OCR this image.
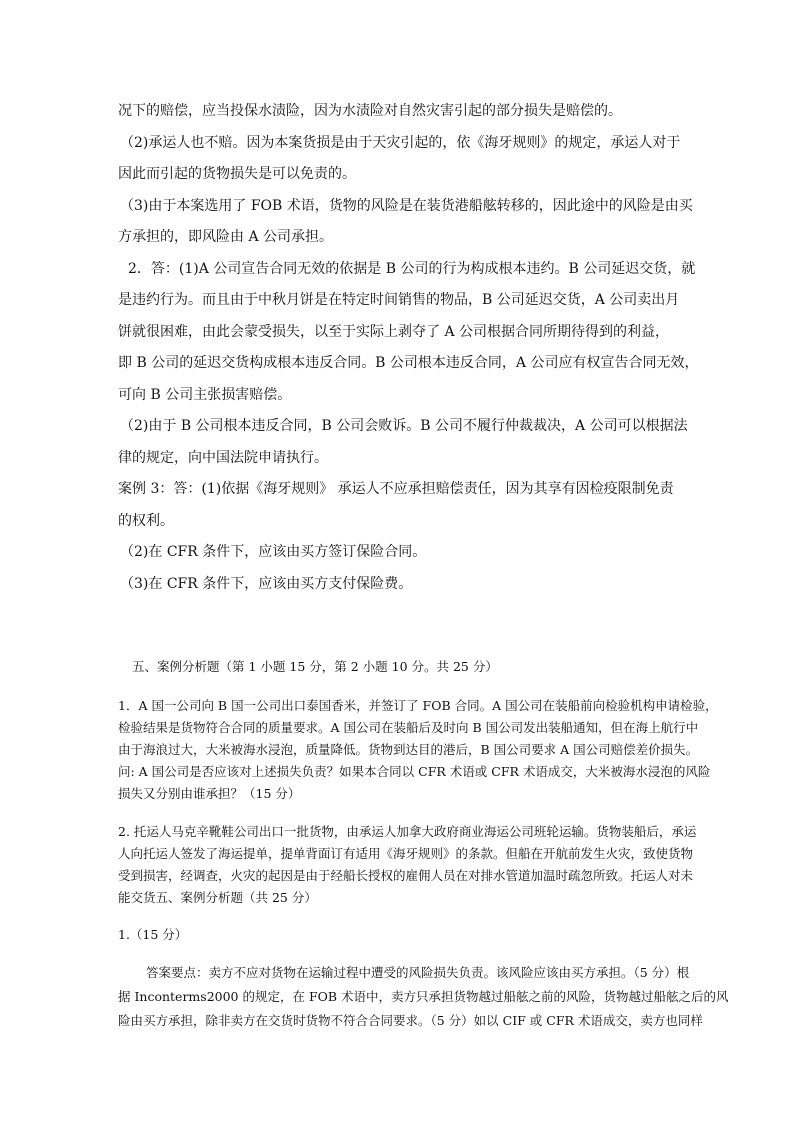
况下的赔偿，应当投保水渍险，因为水渍险对自然灾害引起的部分损失是赔偿的。
（2)承运人也不赔。因为本案货损是由于天灾引起的，依《海牙规则》的规定，承运人对于
因此而引起的货物损失是可以免责的。
（3)由于本案选用了 FOB 术语，货物的风险是在装货港船舷转移的，因此途中的风险是由买
方承担的，即风险由 A 公司承担。
2．答：(1)A 公司宣告合同无效的依据是 B 公司的行为构成根本违约。B 公司延迟交货，就
是违约行为。而且由于中秋月饼是在特定时间销售的物品，B 公司延迟交货，A 公司卖出月
饼就很困难，由此会蒙受损失，以至于实际上剥夺了 A 公司根据合同所期待得到的利益，
即 B 公司的延迟交货构成根本违反合同。B 公司根本违反合同，A 公司应有权宣告合同无效，
可向 B 公司主张损害赔偿。
（2)由于 B 公司根本违反合同，B 公司会败诉。B 公司不履行仲裁裁决，A 公司可以根据法
律的规定，向中国法院申请执行。
案例 3：答：(1)依据《海牙规则》 承运人不应承担赔偿责任，因为其享有因检疫限制免责
的权利。
（2)在 CFR 条件下，应该由买方签订保险合同。
（3)在 CFR 条件下，应该由买方支付保险费。
五、案例分析题（第 1 小题 15 分，第 2 小题 10 分。共 25 分）
1．A 国一公司向 B 国一公司出口泰国香米，并签订了 FOB 合同。A 国公司在装船前向检验机构申请检验，
检验结果是货物符合合同的质量要求。A 国公司在装船后及时向 B 国公司发出装船通知，但在海上航行中
由于海浪过大，大米被海水浸泡，质量降低。货物到达目的港后，B 国公司要求 A 国公司赔偿差价损失。
问: A 国公司是否应该对上述损失负责？如果本合同以 CFR 术语或 CFR 术语成交，大米被海水浸泡的风险
损失又分别由谁承担？（15 分）
2. 托运人马克辛靴鞋公司出口一批货物，由承运人加拿大政府商业海运公司班轮运输。货物装船后，承运
人向托运人签发了海运提单，提单背面订有适用《海牙规则》的条款。但船在开航前发生火灾，致使货物
受到损害，经调查，火灾的起因是由于经船长授权的雇佣人员在对排水管道加温时疏忽所致。托运人对未
能交货五、案例分析题（共 25 分）
1.（15 分）
答案要点：卖方不应对货物在运输过程中遭受的风险损失负责。该风险应该由买方承担。（5 分）根
据 Inconterms2000 的规定，在 FOB 术语中，卖方只承担货物越过船舷之前的风险，货物越过船舷之后的风
险由买方承担，除非卖方在交货时货物不符合合同要求。（5 分）如以 CIF 或 CFR 术语成交，卖方也同样
